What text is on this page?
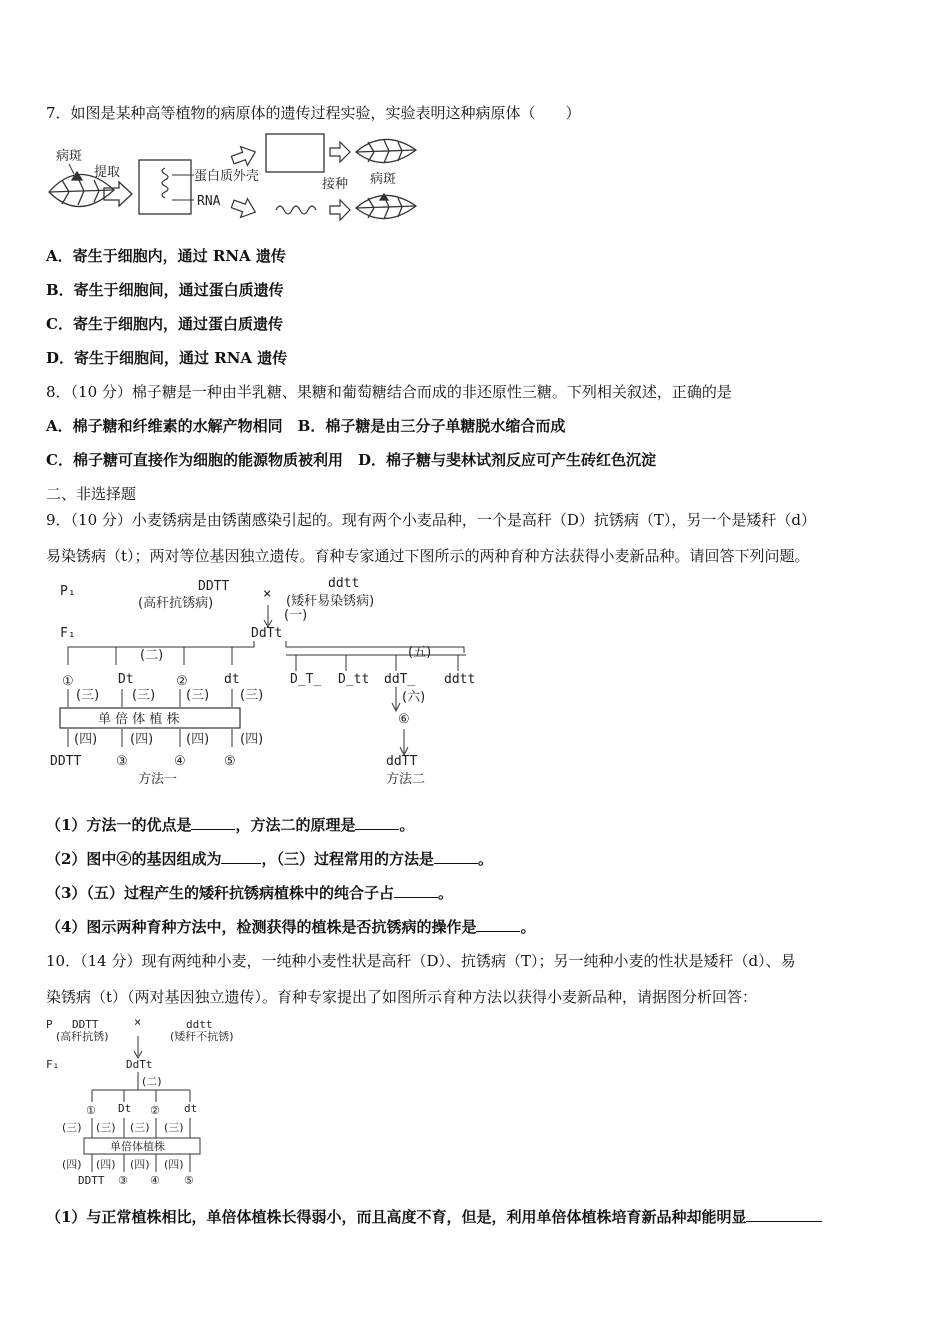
7．如图是某种高等植物的病原体的遗传过程实验，实验表明这种病原体（　　）
病斑
提取	蛋白质外壳
RNA
接种 病斑
A．寄生于细胞内，通过 RNA 遗传
B．寄生于细胞间，通过蛋白质遗传
C．寄生于细胞内，通过蛋白质遗传
D．寄生于细胞间，通过 RNA 遗传
8．（10 分）棉子糖是一种由半乳糖、果糖和葡萄糖结合而成的非还原性三糖。下列相关叙述，正确的是
A．棉子糖和纤维素的水解产物相同　B．棉子糖是由三分子单糖脱水缩合而成
C．棉子糖可直接作为细胞的能源物质被利用　D．棉子糖与斐林试剂反应可产生砖红色沉淀
二、非选择题
9．（10 分）小麦锈病是由锈菌感染引起的。现有两个小麦品种，一个是高秆（D）抗锈病（T），另一个是矮秆（d）
易染锈病（t）；两对等位基因独立遗传。育种专家通过下图所示的两种育种方法获得小麦新品种。请回答下列问题。
P₁
F₁
DDTT
(高秆抗锈病)
×
ddtt
(矮秆易染锈病)
(一)
DdTt
(二)	(五)
①	Dt	②	dt
(三)	(三) (三) (三)
单 倍 体 植 株
(四)	(四)	(四) (四)
DDTT	③	④	⑤
方法一
D_T_ D_tt ddT_ ddtt
(六)
⑥
ddTT
方法二
（1）方法一的优点是	，方法二的原理是	。
（2）图中④的基因组成为	，（三）过程常用的方法是	。
（3）（五）过程产生的矮秆抗锈病植株中的纯合子占	。
（4）图示两种育种方法中，检测获得的植株是否抗锈病的操作是	。
10．（14 分）现有两纯种小麦，一纯种小麦性状是高秆（D）、抗锈病（T）；另一纯种小麦的性状是矮秆（d）、易
染锈病（t）（两对基因独立遗传）。育种专家提出了如图所示育种方法以获得小麦新品种，请据图分析回答：
P DDTT
(高秆抗锈)
×	ddtt
(矮秆不抗锈)
F₁	DdTt
(二)
① Dt ② dt
(三) (三) (三) (三)
单倍体植株
(四) (四) (四) (四)
DDTT ③ ④ ⑤
（1）与正常植株相比，单倍体植株长得弱小，而且高度不育，但是，利用单倍体植株培育新品种却能明显
